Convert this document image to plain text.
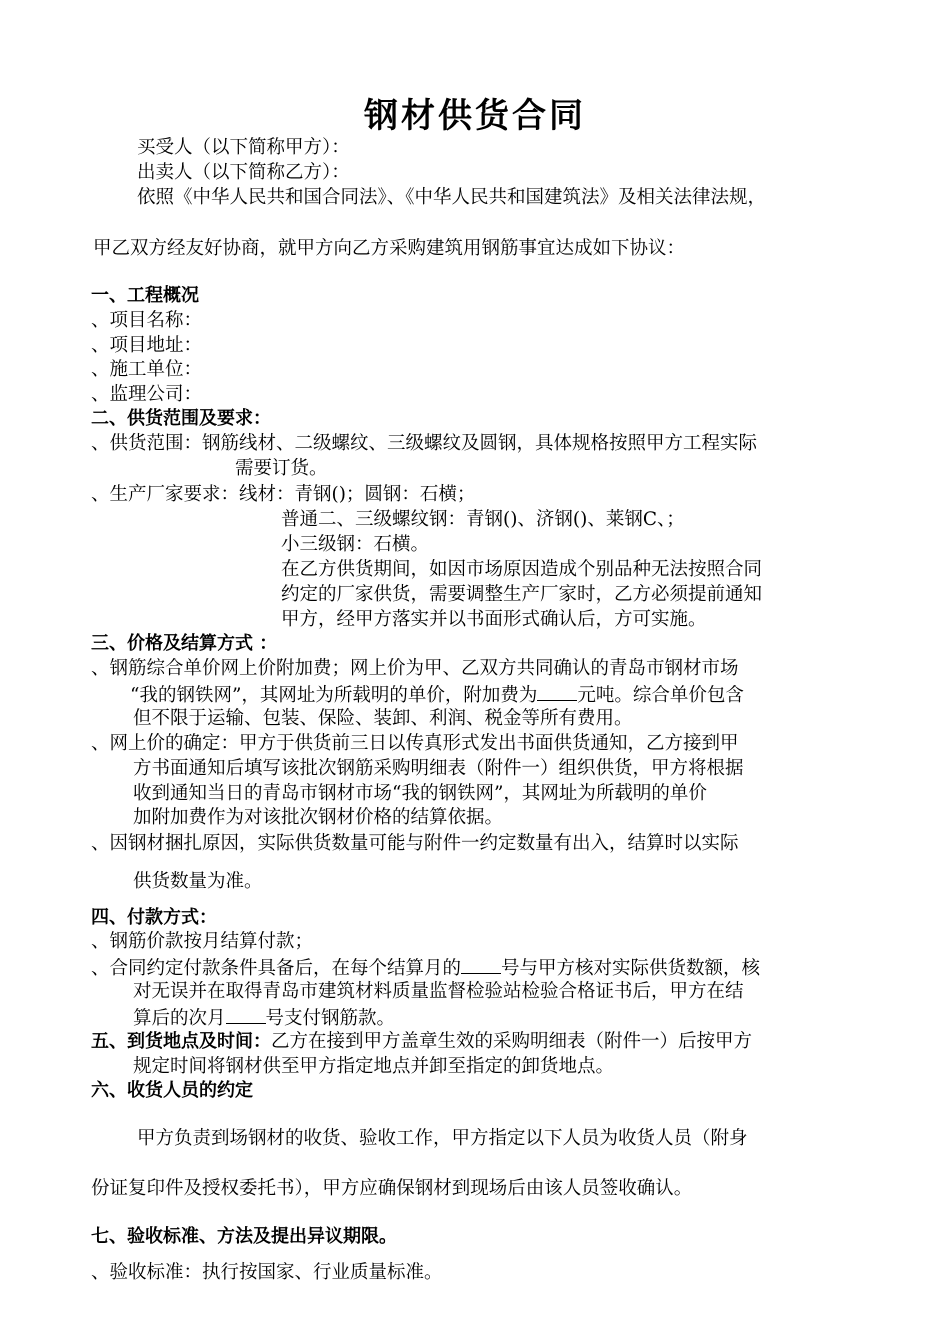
钢材供货合同
买受人（以下简称甲方）：
出卖人（以下简称乙方）：
依照《中华人民共和国合同法》、《中华人民共和国建筑法》及相关法律法规，
甲乙双方经友好协商，就甲方向乙方采购建筑用钢筋事宜达成如下协议：
一、工程概况
、项目名称：
、项目地址：
、施工单位：
、监理公司：
二、供货范围及要求：
、供货范围：钢筋线材、二级螺纹、三级螺纹及圆钢，具体规格按照甲方工程实际
需要订货。
、生产厂家要求：线材：青钢()；圆钢：石横；
普通二、三级螺纹钢：青钢()、济钢()、莱钢C、；
小三级钢：石横。
在乙方供货期间，如因市场原因造成个别品种无法按照合同
约定的厂家供货，需要调整生产厂家时，乙方必须提前通知
甲方，经甲方落实并以书面形式确认后，方可实施。
三、价格及结算方式 ：
、钢筋综合单价网上价附加费；网上价为甲、乙双方共同确认的青岛市钢材市场
“我的钢铁网”，其网址为所载明的单价，附加费为 元吨。综合单价包含
但不限于运输、包装、保险、装卸、利润、税金等所有费用。
、网上价的确定：甲方于供货前三日以传真形式发出书面供货通知，乙方接到甲
方书面通知后填写该批次钢筋采购明细表（附件一）组织供货，甲方将根据
收到通知当日的青岛市钢材市场“我的钢铁网”，其网址为所载明的单价
加附加费作为对该批次钢材价格的结算依据。
、因钢材捆扎原因，实际供货数量可能与附件一约定数量有出入，结算时以实际
供货数量为准。
四、付款方式：
、钢筋价款按月结算付款；
、合同约定付款条件具备后，在每个结算月的 号与甲方核对实际供货数额，核
对无误并在取得青岛市建筑材料质量监督检验站检验合格证书后，甲方在结
算后的次月 号支付钢筋款。
五、到货地点及时间：乙方在接到甲方盖章生效的采购明细表（附件一）后按甲方
规定时间将钢材供至甲方指定地点并卸至指定的卸货地点。
六、收货人员的约定
甲方负责到场钢材的收货、验收工作，甲方指定以下人员为收货人员（附身
份证复印件及授权委托书），甲方应确保钢材到现场后由该人员签收确认。
七、验收标准、方法及提出异议期限。
、验收标准：执行按国家、行业质量标准。
